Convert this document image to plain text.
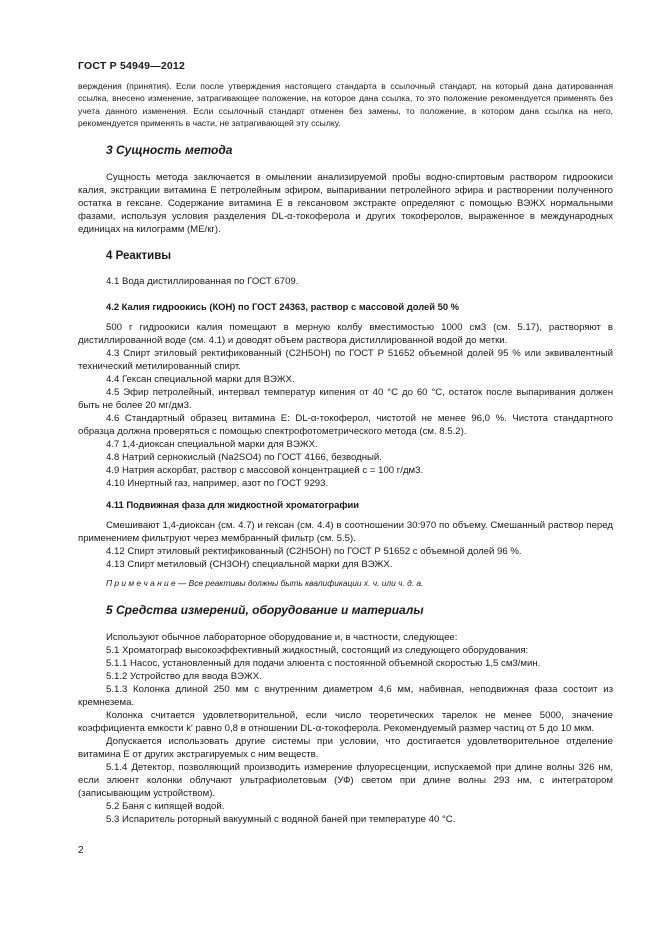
ГОСТ Р 54949—2012

верждения (принятия). Если после утверждения настоящего стандарта в ссылочный стандарт, на который дана датированная ссылка, внесено изменение, затрагивающее положение, на которое дана ссылка, то это положение рекомендуется применять без учета данного изменения. Если ссылочный стандарт отменен без замены, то положение, в котором дана ссылка на него, рекомендуется применять в части, не затрагивающей эту ссылку.

3 Сущность метода

Сущность метода заключается в омылении анализируемой пробы водно-спиртовым раствором гидроокиси калия, экстракции витамина Е петролейным эфиром, выпаривании петролейного эфира и растворении полученного остатка в гексане. Содержание витамина Е в гексановом экстракте определяют с помощью ВЭЖХ нормальными фазами, используя условия разделения DL-α-токоферола и других токоферолов, выраженное в международных единицах на килограмм (МЕ/кг).

4 Реактивы

4.1 Вода дистиллированная по ГОСТ 6709.

4.2 Калия гидроокись (КОН) по ГОСТ 24363, раствор с массовой долей 50 %

500 г гидроокиси калия помещают в мерную колбу вместимостью 1000 см3 (см. 5.17), растворяют в дистиллированной воде (см. 4.1) и доводят объем раствора дистиллированной водой до метки.

4.3 Спирт этиловый ректификованный (C2H5OH) по ГОСТ Р 51652 объемной долей 95 % или эквивалентный технический метилированный спирт.

4.4 Гексан специальной марки для ВЭЖХ.

4.5 Эфир петролейный, интервал температур кипения от 40 °C до 60 °C, остаток после выпаривания должен быть не более 20 мг/дм3.

4.6 Стандартный образец витамина Е: DL-α-токоферол, чистотой не менее 96,0 %. Чистота стандартного образца должна проверяться с помощью спектрофотометрического метода (см. 8.5.2).

4.7 1,4-диоксан специальной марки для ВЭЖХ.

4.8 Натрий сернокислый (Na2SO4) по ГОСТ 4166, безводный.

4.9 Натрия аскорбат, раствор с массовой концентрацией c = 100 г/дм3.

4.10 Инертный газ, например, азот по ГОСТ 9293.

4.11 Подвижная фаза для жидкостной хроматографии

Смешивают 1,4-диоксан (см. 4.7) и гексан (см. 4.4) в соотношении 30:970 по объему. Смешанный раствор перед применением фильтруют через мембранный фильтр (см. 5.5).

4.12 Спирт этиловый ректификованный (C2H5OH) по ГОСТ Р 51652 с объемной долей 96 %.

4.13 Спирт метиловый (CH3OH) специальной марки для ВЭЖХ.

П р и м е ч а н и е — Все реактивы должны быть квалификации х. ч. или ч. д. а.

5 Средства измерений, оборудование и материалы

Используют обычное лабораторное оборудование и, в частности, следующее:

5.1 Хроматограф высокоэффективный жидкостный, состоящий из следующего оборудования:

5.1.1 Насос, установленный для подачи элюента с постоянной объемной скоростью 1,5 см3/мин.

5.1.2 Устройство для ввода ВЭЖХ.

5.1.3 Колонка длиной 250 мм с внутренним диаметром 4,6 мм, набивная, неподвижная фаза состоит из кремнезема.

Колонка считается удовлетворительной, если число теоретических тарелок не менее 5000, значение коэффициента емкости k' равно 0,8 в отношении DL-α-токоферола. Рекомендуемый размер частиц от 5 до 10 мкм.

Допускается использовать другие системы при условии, что достигается удовлетворительное отделение витамина Е от других экстрагируемых с ним веществ.

5.1.4 Детектор, позволяющий производить измерение флуоресценции, испускаемой при длине волны 326 нм, если элюент колонки облучают ультрафиолетовым (УФ) светом при длине волны 293 нм, с интегратором (записывающим устройством).

5.2 Баня с кипящей водой.

5.3 Испаритель роторный вакуумный с водяной баней при температуре 40 °C.

2
